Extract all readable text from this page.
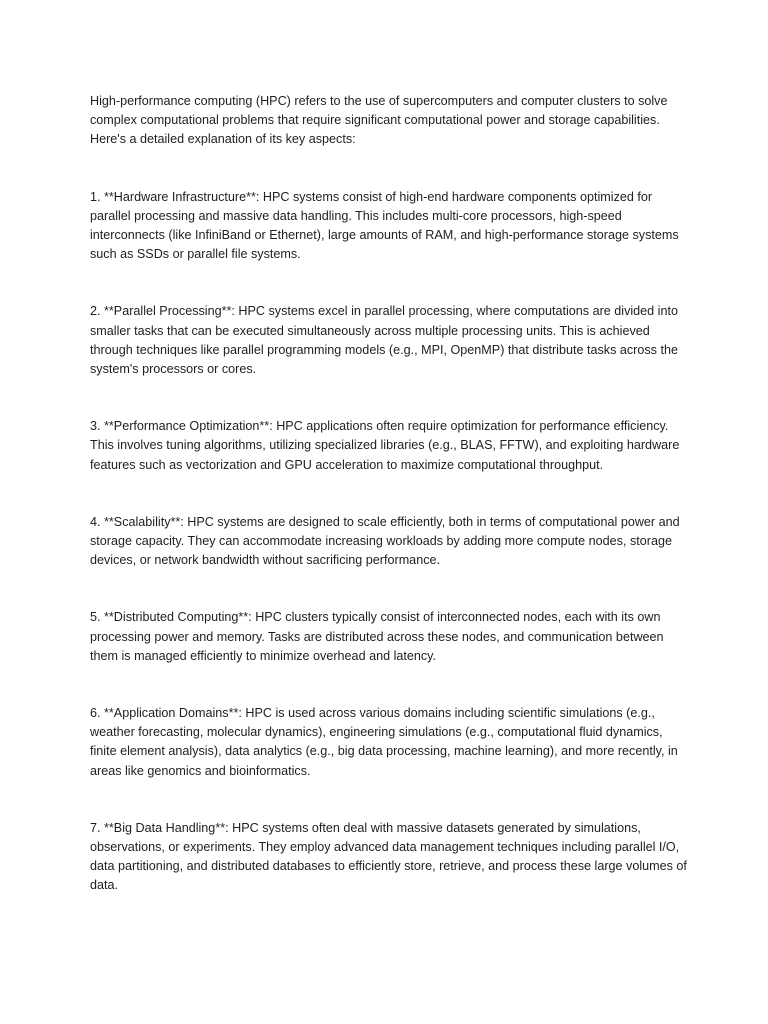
High-performance computing (HPC) refers to the use of supercomputers and computer clusters to solve complex computational problems that require significant computational power and storage capabilities. Here's a detailed explanation of its key aspects:

1. **Hardware Infrastructure**: HPC systems consist of high-end hardware components optimized for parallel processing and massive data handling. This includes multi-core processors, high-speed interconnects (like InfiniBand or Ethernet), large amounts of RAM, and high-performance storage systems such as SSDs or parallel file systems.

2. **Parallel Processing**: HPC systems excel in parallel processing, where computations are divided into smaller tasks that can be executed simultaneously across multiple processing units. This is achieved through techniques like parallel programming models (e.g., MPI, OpenMP) that distribute tasks across the system's processors or cores.

3. **Performance Optimization**: HPC applications often require optimization for performance efficiency. This involves tuning algorithms, utilizing specialized libraries (e.g., BLAS, FFTW), and exploiting hardware features such as vectorization and GPU acceleration to maximize computational throughput.

4. **Scalability**: HPC systems are designed to scale efficiently, both in terms of computational power and storage capacity. They can accommodate increasing workloads by adding more compute nodes, storage devices, or network bandwidth without sacrificing performance.

5. **Distributed Computing**: HPC clusters typically consist of interconnected nodes, each with its own processing power and memory. Tasks are distributed across these nodes, and communication between them is managed efficiently to minimize overhead and latency.

6. **Application Domains**: HPC is used across various domains including scientific simulations (e.g., weather forecasting, molecular dynamics), engineering simulations (e.g., computational fluid dynamics, finite element analysis), data analytics (e.g., big data processing, machine learning), and more recently, in areas like genomics and bioinformatics.

7. **Big Data Handling**: HPC systems often deal with massive datasets generated by simulations, observations, or experiments. They employ advanced data management techniques including parallel I/O, data partitioning, and distributed databases to efficiently store, retrieve, and process these large volumes of data.
